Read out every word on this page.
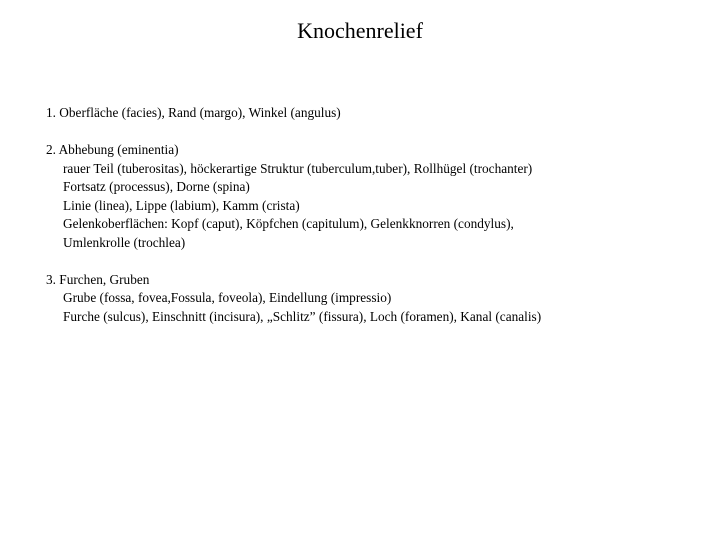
Knochenrelief
1. Oberfläche (facies), Rand (margo), Winkel (angulus)
2. Abhebung (eminentia)
rauer Teil (tuberositas), höckerartige Struktur (tuberculum,tuber), Rollhügel (trochanter)
Fortsatz (processus), Dorne (spina)
Linie (linea), Lippe (labium), Kamm (crista)
Gelenkoberflächen: Kopf (caput), Köpfchen (capitulum), Gelenkknorren (condylus),
Umlenkrolle (trochlea)
3. Furchen, Gruben
Grube (fossa, fovea,Fossula, foveola), Eindellung (impressio)
Furche (sulcus), Einschnitt (incisura), „Schlitz” (fissura), Loch (foramen), Kanal (canalis)
